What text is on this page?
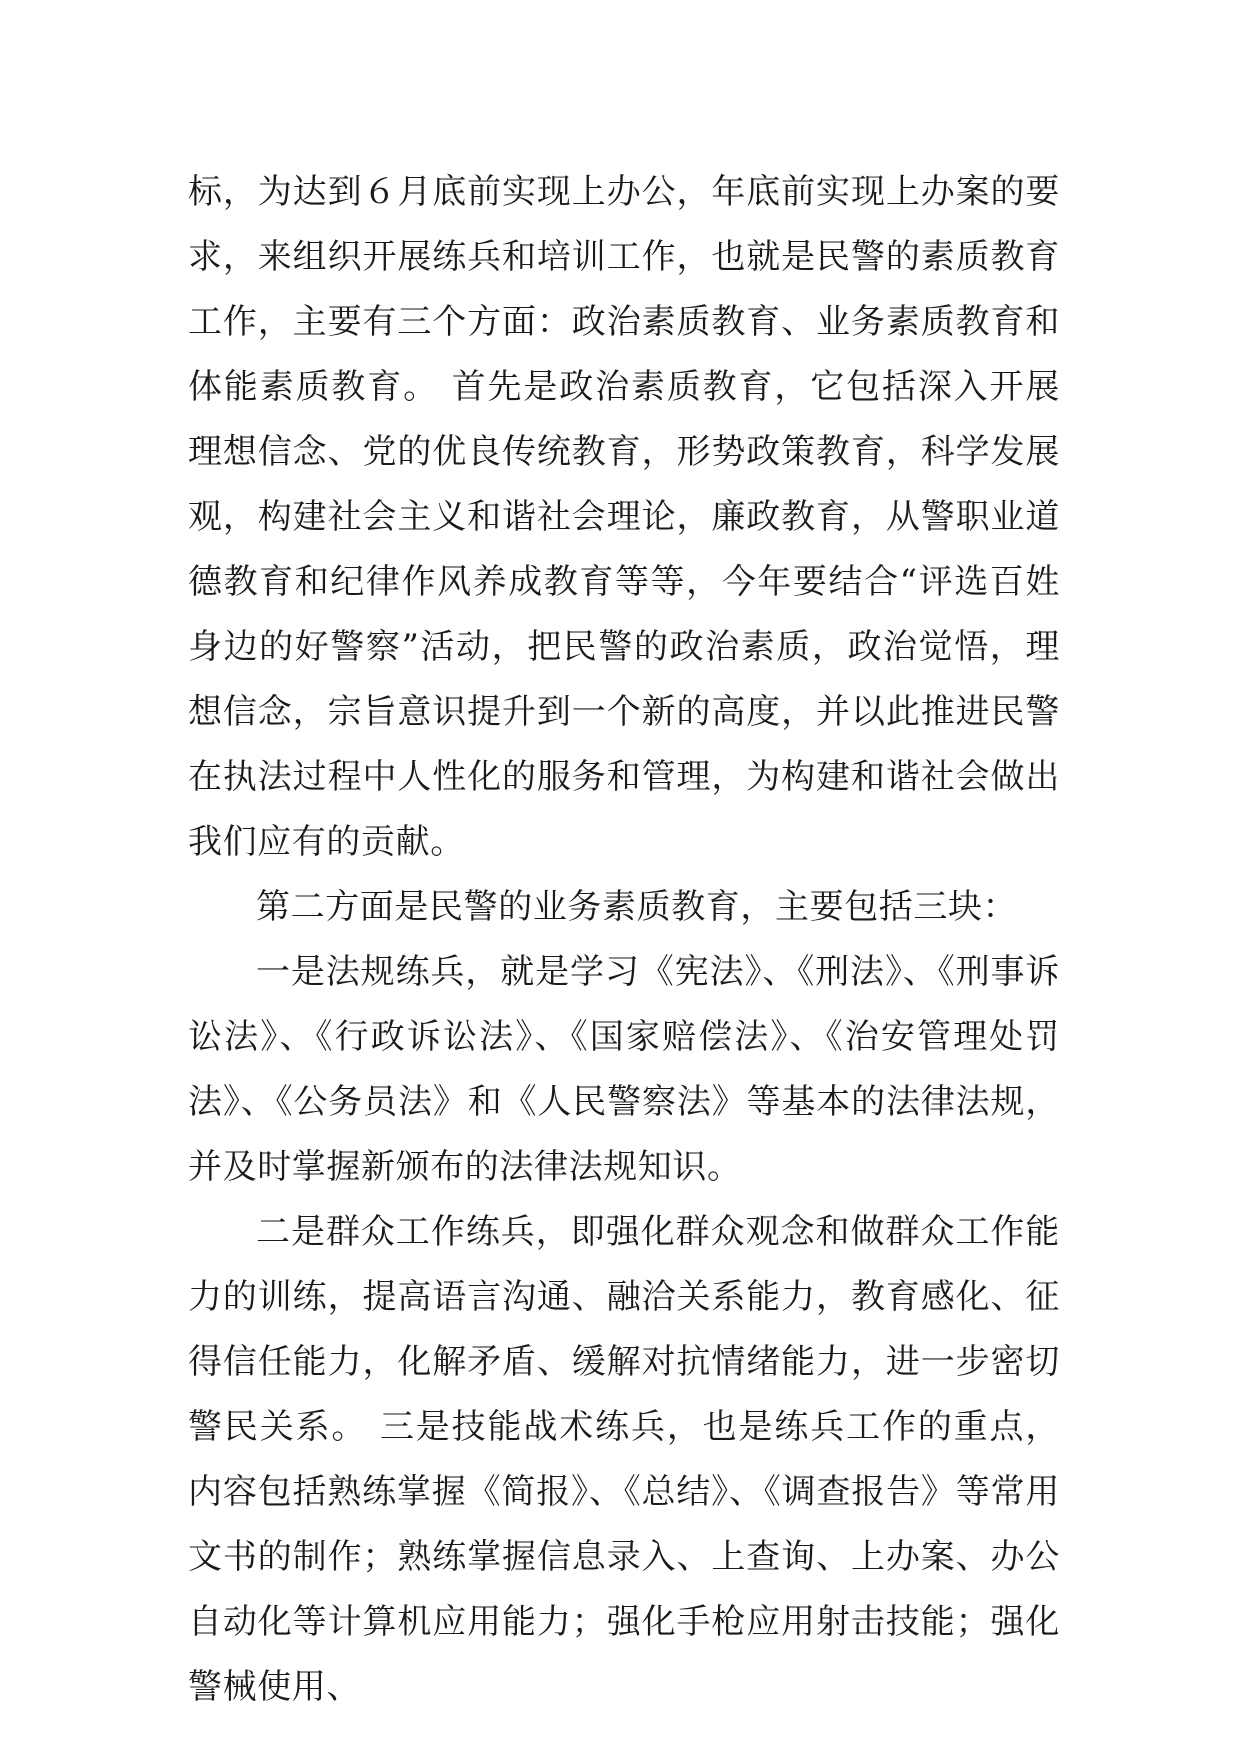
标，为达到６月底前实现上办公，年底前实现上办案的要求，来组织开展练兵和培训工作，也就是民警的素质教育工作，主要有三个方面：政治素质教育、业务素质教育和体能素质教育。 首先是政治素质教育，它包括深入开展理想信念、党的优良传统教育，形势政策教育，科学发展观，构建社会主义和谐社会理论，廉政教育，从警职业道德教育和纪律作风养成教育等等，今年要结合“评选百姓身边的好警察”活动，把民警的政治素质，政治觉悟，理想信念，宗旨意识提升到一个新的高度，并以此推进民警在执法过程中人性化的服务和管理，为构建和谐社会做出我们应有的贡献。

第二方面是民警的业务素质教育，主要包括三块：

一是法规练兵，就是学习《宪法》、《刑法》、《刑事诉讼法》、《行政诉讼法》、《国家赔偿法》、《治安管理处罚法》、《公务员法》和《人民警察法》等基本的法律法规，并及时掌握新颁布的法律法规知识。

二是群众工作练兵，即强化群众观念和做群众工作能力的训练，提高语言沟通、融洽关系能力，教育感化、征得信任能力，化解矛盾、缓解对抗情绪能力，进一步密切警民关系。 三是技能战术练兵，也是练兵工作的重点，内容包括熟练掌握《简报》、《总结》、《调查报告》等常用文书的制作；熟练掌握信息录入、上查询、上办案、办公自动化等计算机应用能力；强化手枪应用射击技能；强化警械使用、
